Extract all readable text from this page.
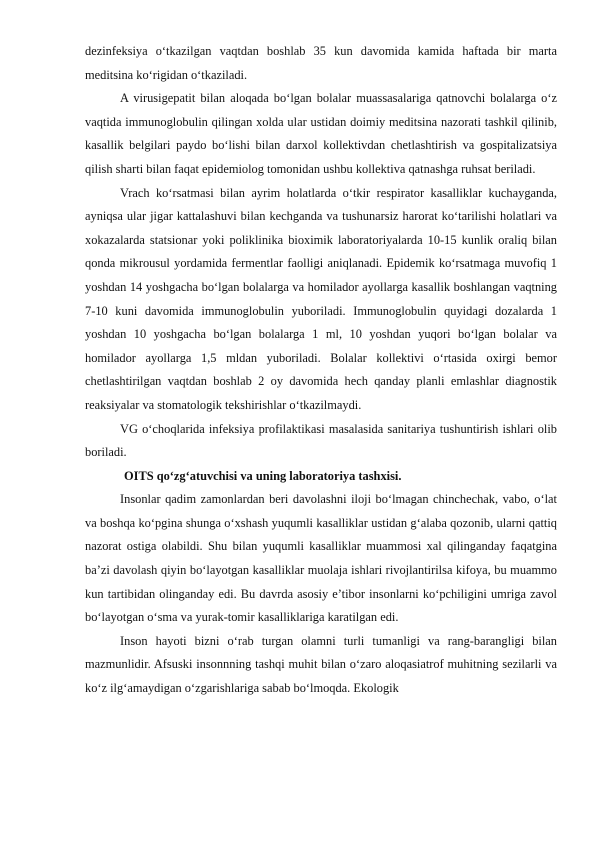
dezinfeksiya o‘tkazilgan vaqtdan boshlab 35 kun davomida kamida haftada bir marta meditsina ko‘rigidan o‘tkaziladi.

A virusigepatit bilan aloqada bo‘lgan bolalar muassasalariga qatnovchi bolalarga o‘z vaqtida immunoglobulin qilingan xolda ular ustidan doimiy meditsina nazorati tashkil qilinib, kasallik belgilari paydo bo‘lishi bilan darxol kollektivdan chetlashtirish va gospitalizatsiya qilish sharti bilan faqat epidemiolog tomonidan ushbu kollektiva qatnashga ruhsat beriladi.

Vrach ko‘rsatmasi bilan ayrim holatlarda o‘tkir respirator kasalliklar kuchayganda, ayniqsa ular jigar kattalashuvi bilan kechganda va tushunarsiz harorat ko‘tarilishi holatlari va xokazalarda statsionar yoki poliklinika bioximik laboratoriyalarda 10-15 kunlik oraliq bilan qonda mikrousul yordamida fermentlar faolligi aniqlanadi. Epidemik ko‘rsatmaga muvofiq 1 yoshdan 14 yoshgacha bo‘lgan bolalarga va homilador ayollarga kasallik boshlangan vaqtning 7-10 kuni davomida immunoglobulin yuboriladi. Immunoglobulin quyidagi dozalarda 1 yoshdan 10 yoshgacha bo‘lgan bolalarga 1 ml, 10 yoshdan yuqori bo‘lgan bolalar va homilador ayollarga 1,5 mldan yuboriladi. Bolalar kollektivi o‘rtasida oxirgi bemor chetlashtirilgan vaqtdan boshlab 2 oy davomida hech qanday planli emlashlar diagnostik reaksiyalar va stomatologik tekshirishlar o‘tkazilmaydi.

VG o‘choqlarida infeksiya profilaktikasi masalasida sanitariya tushuntirish ishlari olib boriladi.

OITS qo‘zg‘atuvchisi va uning laboratoriya tashxisi.

Insonlar qadim zamonlardan beri davolashni iloji bo‘lmagan chinchechak, vabo, o‘lat va boshqa ko‘pgina shunga o‘xshash yuqumli kasalliklar ustidan g‘alaba qozonib, ularni qattiq nazorat ostiga olabildi. Shu bilan yuqumli kasalliklar muammosi xal qilinganday faqatgina ba’zi davolash qiyin bo‘layotgan kasalliklar muolaja ishlari rivojlantirilsa kifoya, bu muammo kun tartibidan olinganday edi. Bu davrda asosiy e’tibor insonlarni ko‘pchiligini umriga zavol bo‘layotgan o‘sma va yurak-tomir kasalliklariga karatilgan edi.

Inson hayoti bizni o‘rab turgan olamni turli tumanligi va rang-barangligi bilan mazmunlidir. Afsuski insonnning tashqi muhit bilan o‘zaro aloqasiatrof muhitning sezilarli va ko‘z ilg‘amaydigan o‘zgarishlariga sabab bo‘lmoqda. Ekologik
